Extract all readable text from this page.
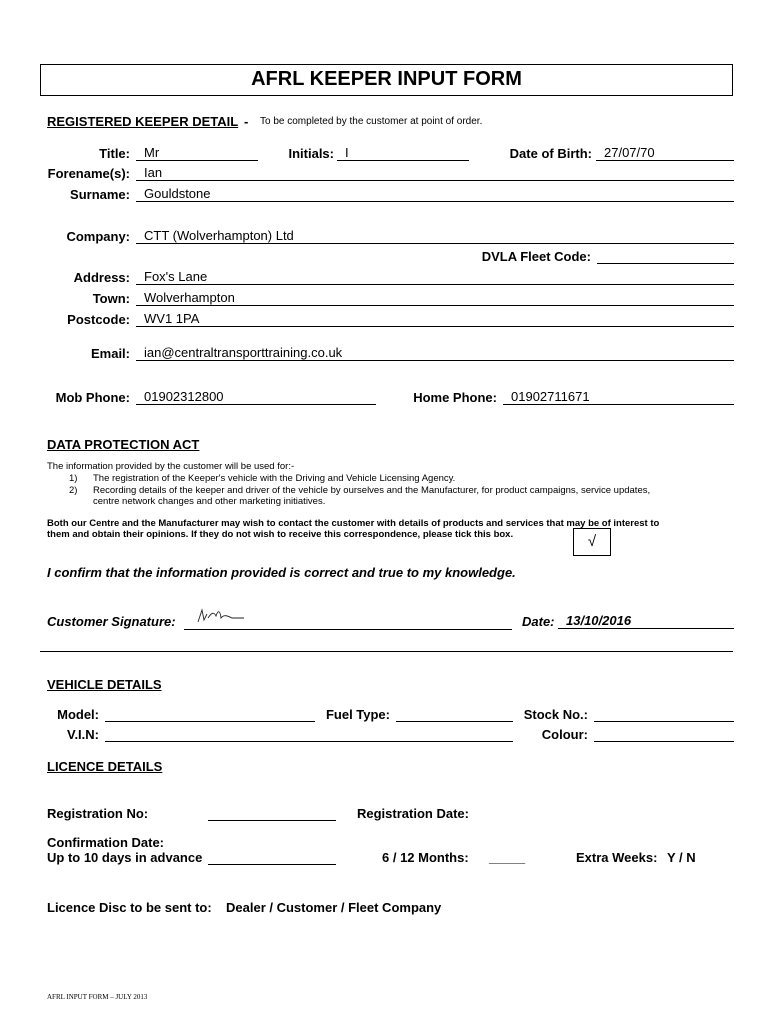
AFRL KEEPER INPUT FORM
REGISTERED KEEPER DETAIL - To be completed by the customer at point of order.
Title:	Mr	Initials: I	Date of Birth: 27/07/70
Forename(s):	Ian
Surname:	Gouldstone
Company:	CTT (Wolverhampton) Ltd
DVLA Fleet Code:
Address:	Fox's Lane
Town:	Wolverhampton
Postcode:	WV1 1PA
Email:	ian@centraltransporttraining.co.uk
Mob Phone:	01902312800	Home Phone:	01902711671
DATA PROTECTION ACT
The information provided by the customer will be used for:-
1) The registration of the Keeper's vehicle with the Driving and Vehicle Licensing Agency.
2) Recording details of the keeper and driver of the vehicle by ourselves and the Manufacturer, for product campaigns, service updates,
centre network changes and other marketing initiatives.
Both our Centre and the Manufacturer may wish to contact the customer with details of products and services that may be of interest to
them and obtain their opinions. If they do not wish to receive this correspondence, please tick this box.	√
I confirm that the information provided is correct and true to my knowledge.
Customer Signature:	Date: 13/10/2016
VEHICLE DETAILS
Model:	Fuel Type:	Stock No.:
V.I.N:	Colour:
LICENCE DETAILS
Registration No:	Registration Date:
Confirmation Date:
Up to 10 days in advance	6 / 12 Months: _____	Extra Weeks: Y / N
Licence Disc to be sent to: Dealer / Customer / Fleet Company
AFRL INPUT FORM – JULY 2013
